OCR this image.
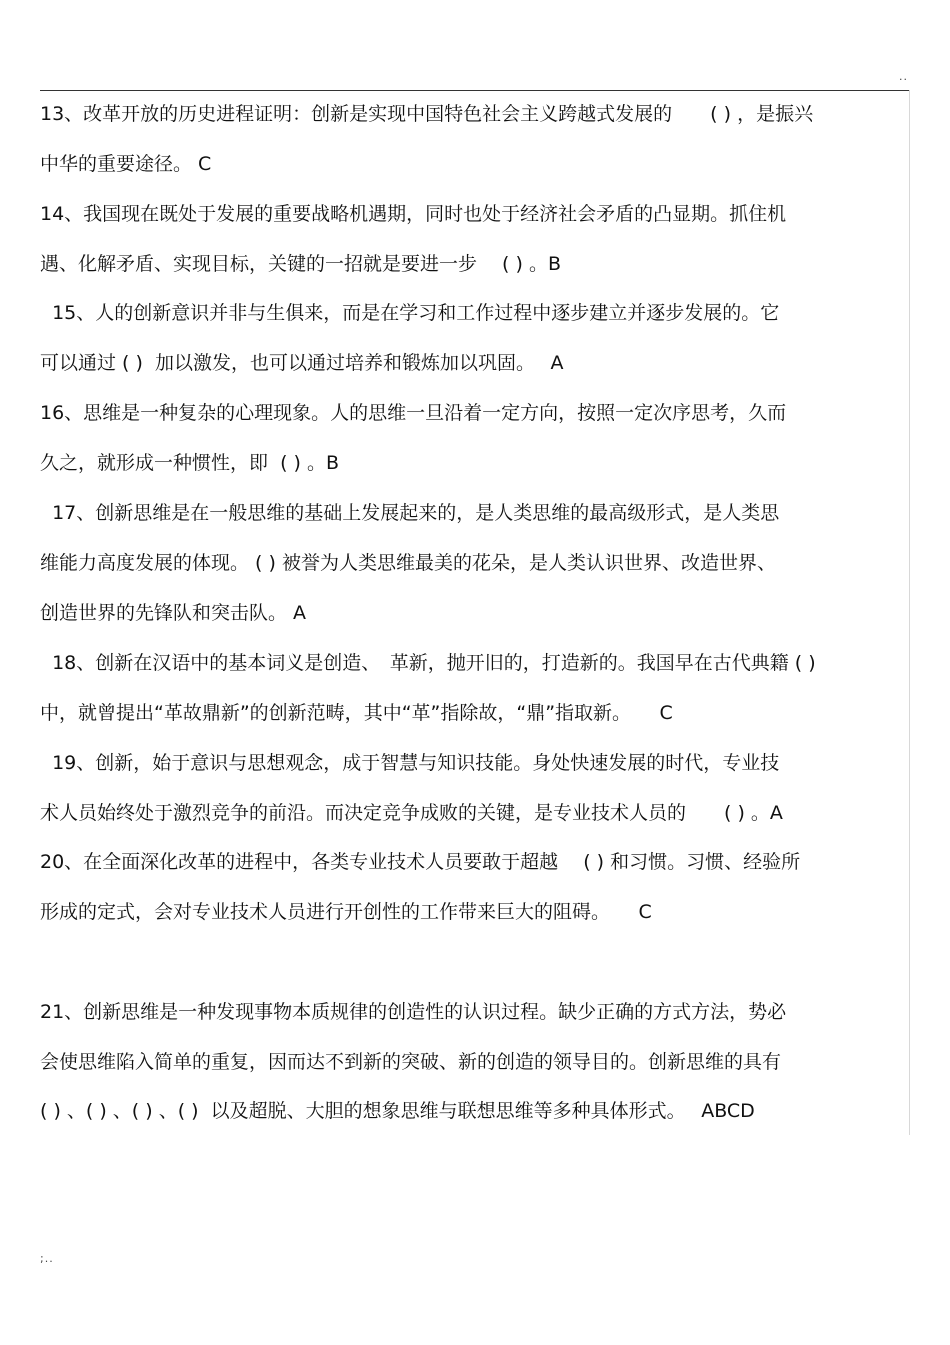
..
13、改革开放的历史进程证明：创新是实现中国特色社会主义跨越式发展的　　( ) ，是振兴
中华的重要途径。 C
14、我国现在既处于发展的重要战略机遇期，同时也处于经济社会矛盾的凸显期。抓住机
遇、化解矛盾、实现目标，关键的一招就是要进一步　 ( ) 。B
15、人的创新意识并非与生俱来，而是在学习和工作过程中逐步建立并逐步发展的。它
可以通过 ( )  加以激发，也可以通过培养和锻炼加以巩固。　 A
16、思维是一种复杂的心理现象。人的思维一旦沿着一定方向，按照一定次序思考，久而
久之，就形成一种惯性，即  ( ) 。B
17、创新思维是在一般思维的基础上发展起来的，是人类思维的最高级形式，是人类思
维能力高度发展的体现。 ( ) 被誉为人类思维最美的花朵，是人类认识世界、改造世界、
创造世界的先锋队和突击队。 A
18、创新在汉语中的基本词义是创造、　革新，抛开旧的，打造新的。我国早在古代典籍 ( )
中，就曾提出“革故鼎新”的创新范畴，其中“革”指除故，“鼎”指取新。　　C
19、创新，始于意识与思想观念，成于智慧与知识技能。身处快速发展的时代，专业技
术人员始终处于激烈竞争的前沿。而决定竞争成败的关键，是专业技术人员的　　( ) 。A
20、在全面深化改革的进程中，各类专业技术人员要敢于超越　 ( ) 和习惯。习惯、经验所
形成的定式，会对专业技术人员进行开创性的工作带来巨大的阻碍。　　C
21、创新思维是一种发现事物本质规律的创造性的认识过程。缺少正确的方式方法，势必
会使思维陷入简单的重复，因而达不到新的突破、新的创造的领导目的。创新思维的具有
( ) 、( ) 、( ) 、( )  以及超脱、大胆的想象思维与联想思维等多种具体形式。　 ABCD
;..
